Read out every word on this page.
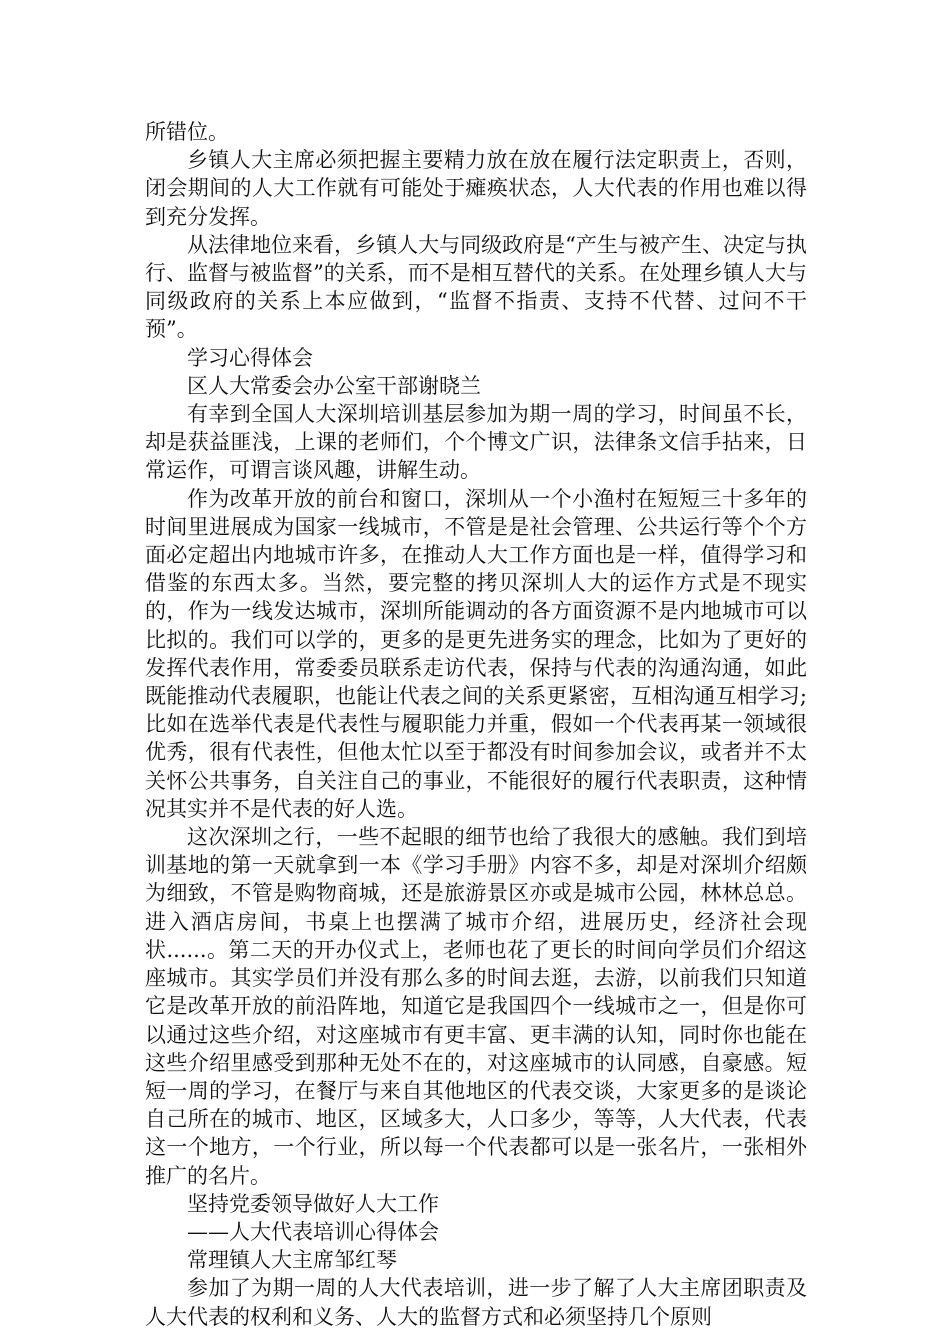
所错位。

乡镇人大主席必须把握主要精力放在放在履行法定职责上，否则，闭会期间的人大工作就有可能处于瘫痪状态，人大代表的作用也难以得到充分发挥。

从法律地位来看，乡镇人大与同级政府是“产生与被产生、决定与执行、监督与被监督”的关系，而不是相互替代的关系。在处理乡镇人大与同级政府的关系上本应做到，“监督不指责、支持不代替、过问不干预”。

学习心得体会

区人大常委会办公室干部谢晓兰

有幸到全国人大深圳培训基层参加为期一周的学习，时间虽不长，却是获益匪浅，上课的老师们，个个博文广识，法律条文信手拈来，日常运作，可谓言谈风趣，讲解生动。

作为改革开放的前台和窗口，深圳从一个小渔村在短短三十多年的时间里进展成为国家一线城市，不管是是社会管理、公共运行等个个方面必定超出内地城市许多，在推动人大工作方面也是一样，值得学习和借鉴的东西太多。当然，要完整的拷贝深圳人大的运作方式是不现实的，作为一线发达城市，深圳所能调动的各方面资源不是内地城市可以比拟的。我们可以学的，更多的是更先进务实的理念，比如为了更好的发挥代表作用，常委委员联系走访代表，保持与代表的沟通沟通，如此既能推动代表履职，也能让代表之间的关系更紧密，互相沟通互相学习;比如在选举代表是代表性与履职能力并重，假如一个代表再某一领域很优秀，很有代表性，但他太忙以至于都没有时间参加会议，或者并不太关怀公共事务，自关注自己的事业，不能很好的履行代表职责，这种情况其实并不是代表的好人选。

这次深圳之行，一些不起眼的细节也给了我很大的感触。我们到培训基地的第一天就拿到一本《学习手册》内容不多，却是对深圳介绍颇为细致，不管是购物商城，还是旅游景区亦或是城市公园，林林总总。进入酒店房间，书桌上也摆满了城市介绍，进展历史，经济社会现状......。第二天的开办仪式上，老师也花了更长的时间向学员们介绍这座城市。其实学员们并没有那么多的时间去逛，去游，以前我们只知道它是改革开放的前沿阵地，知道它是我国四个一线城市之一，但是你可以通过这些介绍，对这座城市有更丰富、更丰满的认知，同时你也能在这些介绍里感受到那种无处不在的，对这座城市的认同感，自豪感。短短一周的学习，在餐厅与来自其他地区的代表交谈，大家更多的是谈论自己所在的城市、地区，区域多大，人口多少，等等，人大代表，代表这一个地方，一个行业，所以每一个代表都可以是一张名片，一张相外推广的名片。

坚持党委领导做好人大工作

——人大代表培训心得体会

常理镇人大主席邹红琴

参加了为期一周的人大代表培训，进一步了解了人大主席团职责及人大代表的权利和义务、人大的监督方式和必须坚持几个原则
